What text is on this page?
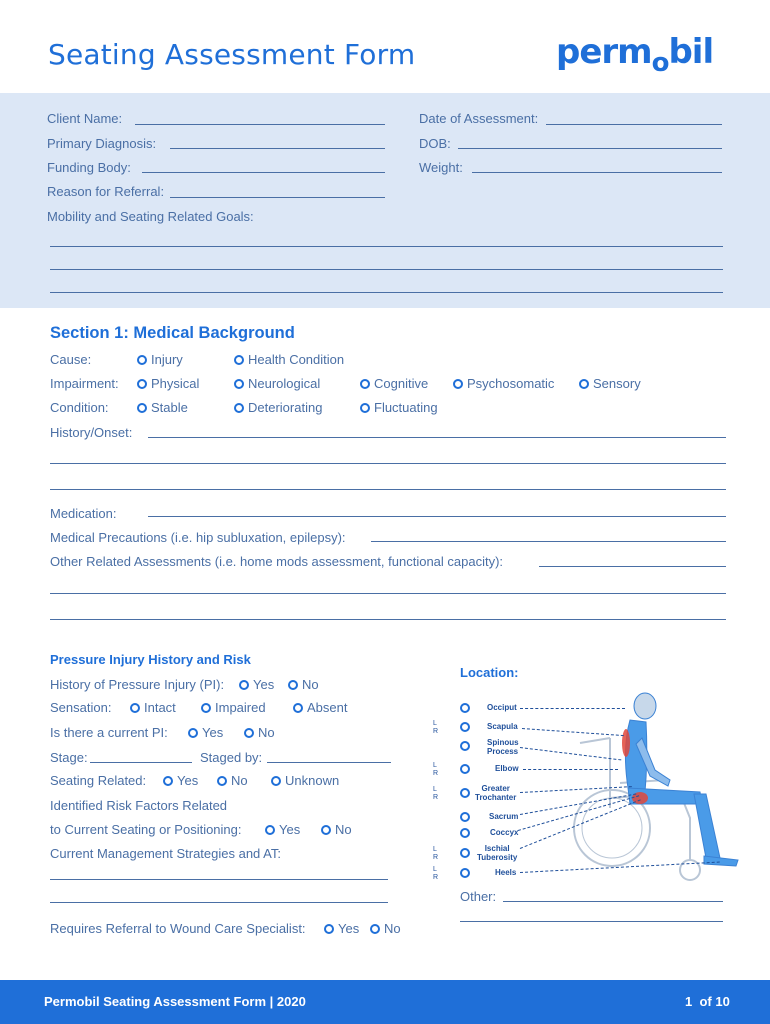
Seating Assessment Form	perm$_o$bil
Client Name:	Date of Assessment:
Primary Diagnosis:	DOB:
Funding Body:	Weight:
Reason for Referral:
Mobility and Seating Related Goals:
Section 1: Medical Background
Cause:	Injury	Health Condition
Impairment: Physical	Neurological	Cognitive	Psychosomatic	Sensory
Condition:	Stable	Deteriorating	Fluctuating
History/Onset:
Medication:
Medical Precautions (i.e. hip subluxation, epilepsy):
Other Related Assessments (i.e. home mods assessment, functional capacity):
Pressure Injury History and Risk
History of Pressure Injury (PI): Yes No
Sensation:	Intact	Impaired	Absent
Is there a current PI:	Yes	No
Stage:	Staged by:
Seating Related: Yes	No	Unknown
Identified Risk Factors Related
to Current Seating or Positioning:	Yes	No
Current Management Strategies and AT:
Requires Referral to Wound Care Specialist: Yes No
Location:
Occiput
L
R
Scapula
Spinous
Process
L
R
Elbow
L
R
Greater
Trochanter
Sacrum
Coccyx
L
R
Ischial
Tuberosity
L
R
Heels
Other:
Permobil Seating Assessment Form | 2020	1 of 10
